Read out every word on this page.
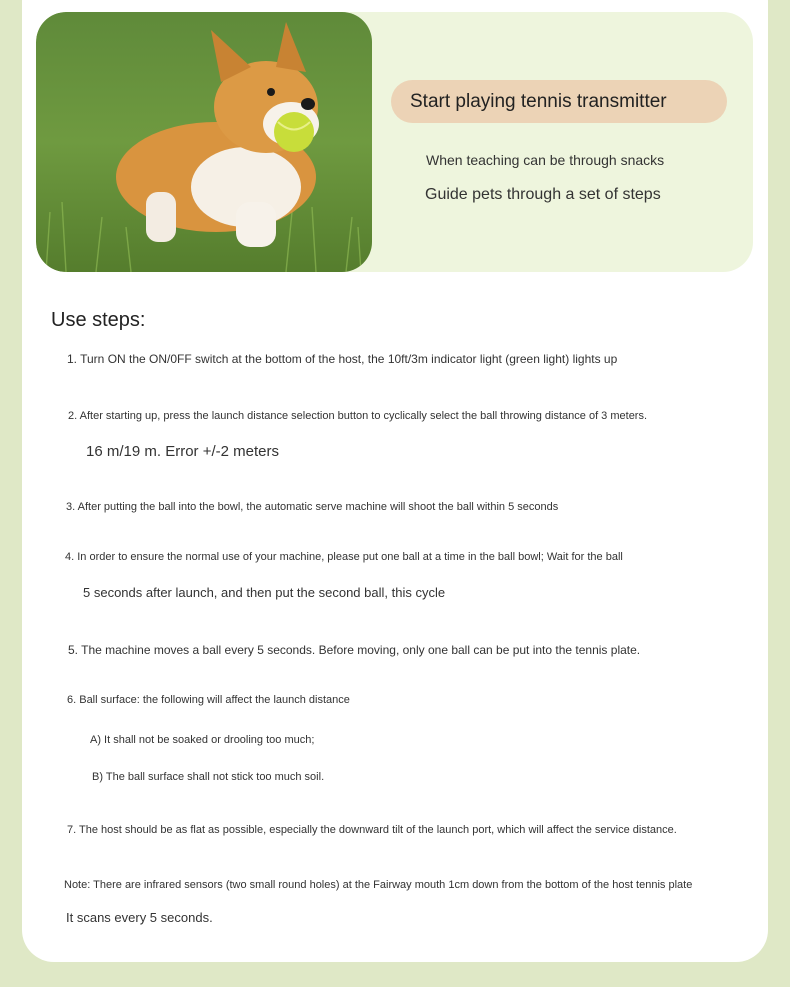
Start playing tennis transmitter
When teaching can be through snacks
Guide pets through a set of steps
Use steps:
1. Turn ON the ON/0FF switch at the bottom of the host, the 10ft/3m indicator light (green light) lights up
2. After starting up, press the launch distance selection button to cyclically select the ball throwing distance of 3 meters.
16 m/19 m. Error +/-2 meters
3. After putting the ball into the bowl, the automatic serve machine will shoot the ball within 5 seconds
4. In order to ensure the normal use of your machine, please put one ball at a time in the ball bowl; Wait for the ball
5 seconds after launch, and then put the second ball, this cycle
5. The machine moves a ball every 5 seconds. Before moving, only one ball can be put into the tennis plate.
6. Ball surface: the following will affect the launch distance
A) It shall not be soaked or drooling too much;
B) The ball surface shall not stick too much soil.
7. The host should be as flat as possible, especially the downward tilt of the launch port, which will affect the service distance.
Note: There are infrared sensors (two small round holes) at the Fairway mouth 1cm down from the bottom of the host tennis plate
It scans every 5 seconds.
